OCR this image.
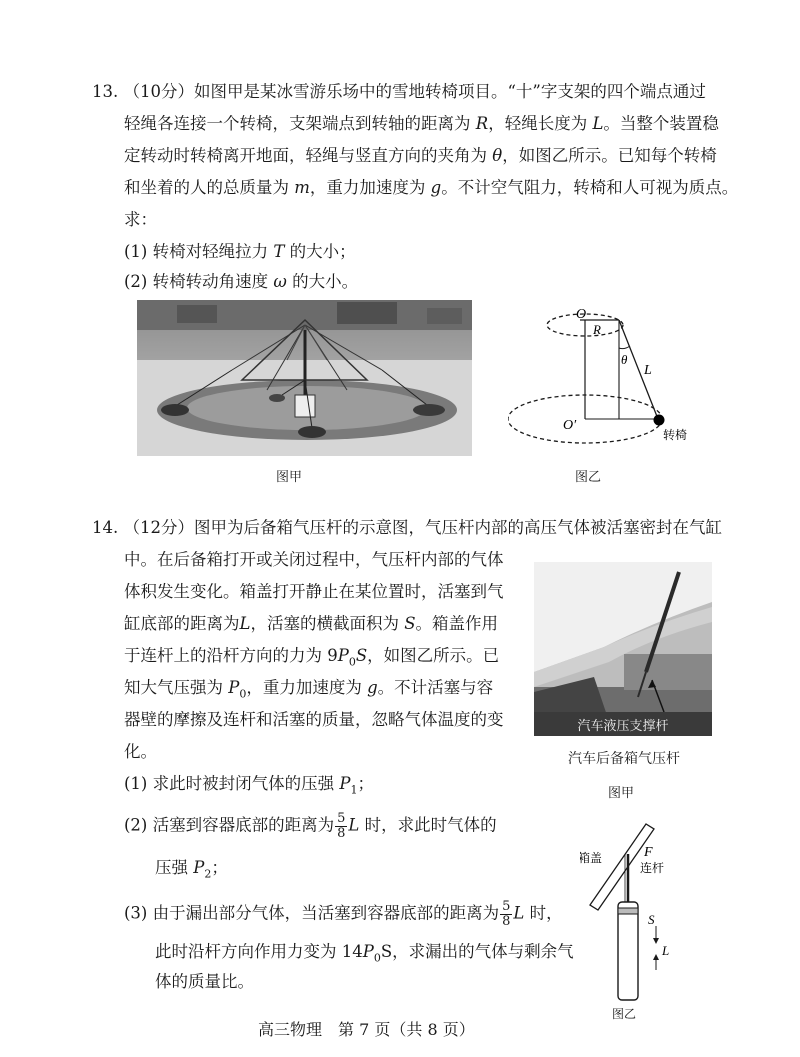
13. （10分）如图甲是某冰雪游乐场中的雪地转椅项目。“十”字支架的四个端点通过
轻绳各连接一个转椅，支架端点到转轴的距离为 R，轻绳长度为 L。当整个装置稳
定转动时转椅离开地面，轻绳与竖直方向的夹角为 θ，如图乙所示。已知每个转椅
和坐着的人的总质量为 m，重力加速度为 g。不计空气阻力，转椅和人可视为质点。
求：
(1) 转椅对轻绳拉力 T 的大小；
(2) 转椅转动角速度 ω 的大小。
图甲
O
R
θ
L
O′
转椅
图乙
14. （12分）图甲为后备箱气压杆的示意图，气压杆内部的高压气体被活塞密封在气缸
中。在后备箱打开或关闭过程中，气压杆内部的气体
体积发生变化。箱盖打开静止在某位置时，活塞到气
缸底部的距离为L，活塞的横截面积为 S。箱盖作用
于连杆上的沿杆方向的力为 $9P_0S$，如图乙所示。已
知大气压强为 $P_0$，重力加速度为 g。不计活塞与容
器壁的摩擦及连杆和活塞的质量，忽略气体温度的变
化。
(1) 求此时被封闭气体的压强 $P_1$；
(2) 活塞到容器底部的距离为 $\frac{5}{8}$ L 时，求此时气体的
压强 $P_2$；
(3) 由于漏出部分气体，当活塞到容器底部的距离为 $\frac{5}{8}$ L 时，
此时沿杆方向作用力变为 $14P_0S$，求漏出的气体与剩余气
体的质量比。
汽车液压支撑杆
汽车后备箱气压杆
图甲
箱盖	F
连杆
S
L
图乙
高三物理　第 7 页（共 8 页）
